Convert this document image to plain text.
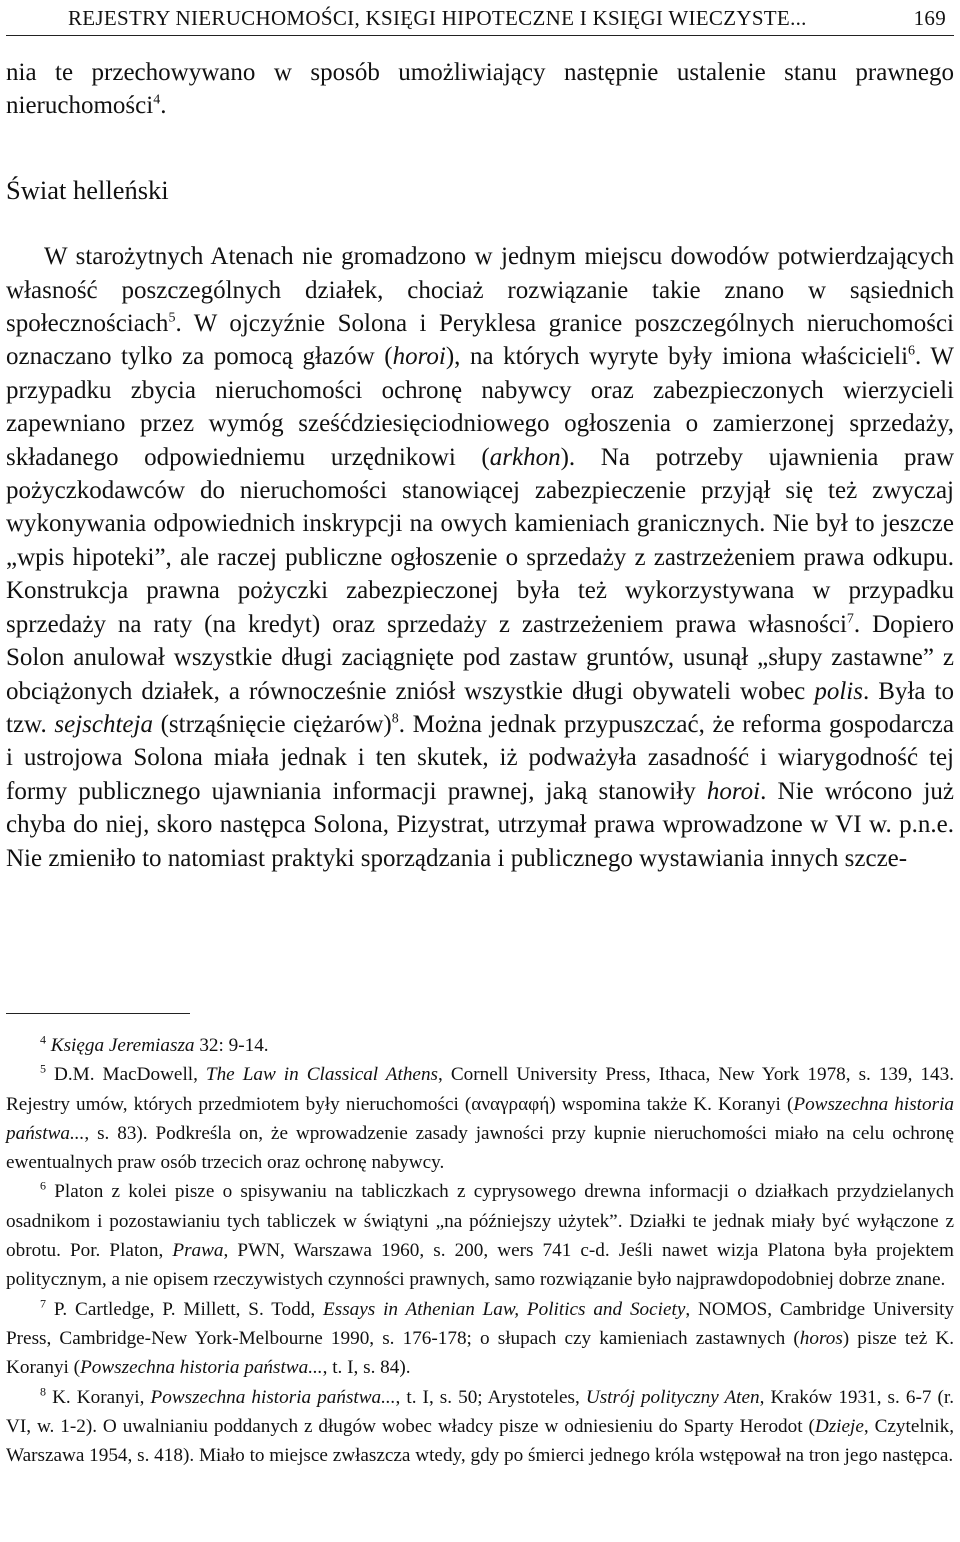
REJESTRY NIERUCHOMOŚCI, KSIĘGI HIPOTECZNE I KSIĘGI WIECZYSTE...	169

nia te przechowywano w sposób umożliwiający następnie ustalenie stanu prawnego nieruchomości$^4$.

Świat helleński

W starożytnych Atenach nie gromadzono w jednym miejscu dowodów potwierdzających własność poszczególnych działek, chociaż rozwiązanie takie znano w sąsiednich społecznościach$^5$. W ojczyźnie Solona i Peryklesa granice poszczególnych nieruchomości oznaczano tylko za pomocą głazów (horoi), na których wyryte były imiona właścicieli$^6$. W przypadku zbycia nieruchomości ochronę nabywcy oraz zabezpieczonych wierzycieli zapewniano przez wymóg sześćdziesięciodniowego ogłoszenia o zamierzonej sprzedaży, składanego odpowiedniemu urzędnikowi (arkhon). Na potrzeby ujawnienia praw pożyczkodawców do nieruchomości stanowiącej zabezpieczenie przyjął się też zwyczaj wykonywania odpowiednich inskrypcji na owych kamieniach granicznych. Nie był to jeszcze „wpis hipoteki”, ale raczej publiczne ogłoszenie o sprzedaży z zastrzeżeniem prawa odkupu. Konstrukcja prawna pożyczki zabezpieczonej była też wykorzystywana w przypadku sprzedaży na raty (na kredyt) oraz sprzedaży z zastrzeżeniem prawa własności$^7$. Dopiero Solon anulował wszystkie długi zaciągnięte pod zastaw gruntów, usunął „słupy zastawne” z obciążonych działek, a równocześnie zniósł wszystkie długi obywateli wobec polis. Była to tzw. sejschteja (strząśnięcie ciężarów)$^8$. Można jednak przypuszczać, że reforma gospodarcza i ustrojowa Solona miała jednak i ten skutek, iż podważyła zasadność i wiarygodność tej formy publicznego ujawniania informacji prawnej, jaką stanowiły horoi. Nie wrócono już chyba do niej, skoro następca Solona, Pizystrat, utrzymał prawa wprowadzone w VI w. p.n.e. Nie zmieniło to natomiast praktyki sporządzania i publicznego wystawiania innych szcze-

$^4$ Księga Jeremiasza 32: 9-14.

$^5$ D.M. MacDowell, The Law in Classical Athens, Cornell University Press, Ithaca, New York 1978, s. 139, 143. Rejestry umów, których przedmiotem były nieruchomości (αναγραφή) wspomina także K. Koranyi (Powszechna historia państwa..., s. 83). Podkreśla on, że wprowadzenie zasady jawności przy kupnie nieruchomości miało na celu ochronę ewentualnych praw osób trzecich oraz ochronę nabywcy.

$^6$ Platon z kolei pisze o spisywaniu na tabliczkach z cyprysowego drewna informacji o działkach przydzielanych osadnikom i pozostawianiu tych tabliczek w świątyni „na późniejszy użytek”. Działki te jednak miały być wyłączone z obrotu. Por. Platon, Prawa, PWN, Warszawa 1960, s. 200, wers 741 c-d. Jeśli nawet wizja Platona była projektem politycznym, a nie opisem rzeczywistych czynności prawnych, samo rozwiązanie było najprawdopodobniej dobrze znane.

$^7$ P. Cartledge, P. Millett, S. Todd, Essays in Athenian Law, Politics and Society, NOMOS, Cambridge University Press, Cambridge-New York-Melbourne 1990, s. 176-178; o słupach czy kamieniach zastawnych (horos) pisze też K. Koranyi (Powszechna historia państwa..., t. I, s. 84).

$^8$ K. Koranyi, Powszechna historia państwa..., t. I, s. 50; Arystoteles, Ustrój polityczny Aten, Kraków 1931, s. 6-7 (r. VI, w. 1-2). O uwalnianiu poddanych z długów wobec władcy pisze w odniesieniu do Sparty Herodot (Dzieje, Czytelnik, Warszawa 1954, s. 418). Miało to miejsce zwłaszcza wtedy, gdy po śmierci jednego króla wstępował na tron jego następca.
